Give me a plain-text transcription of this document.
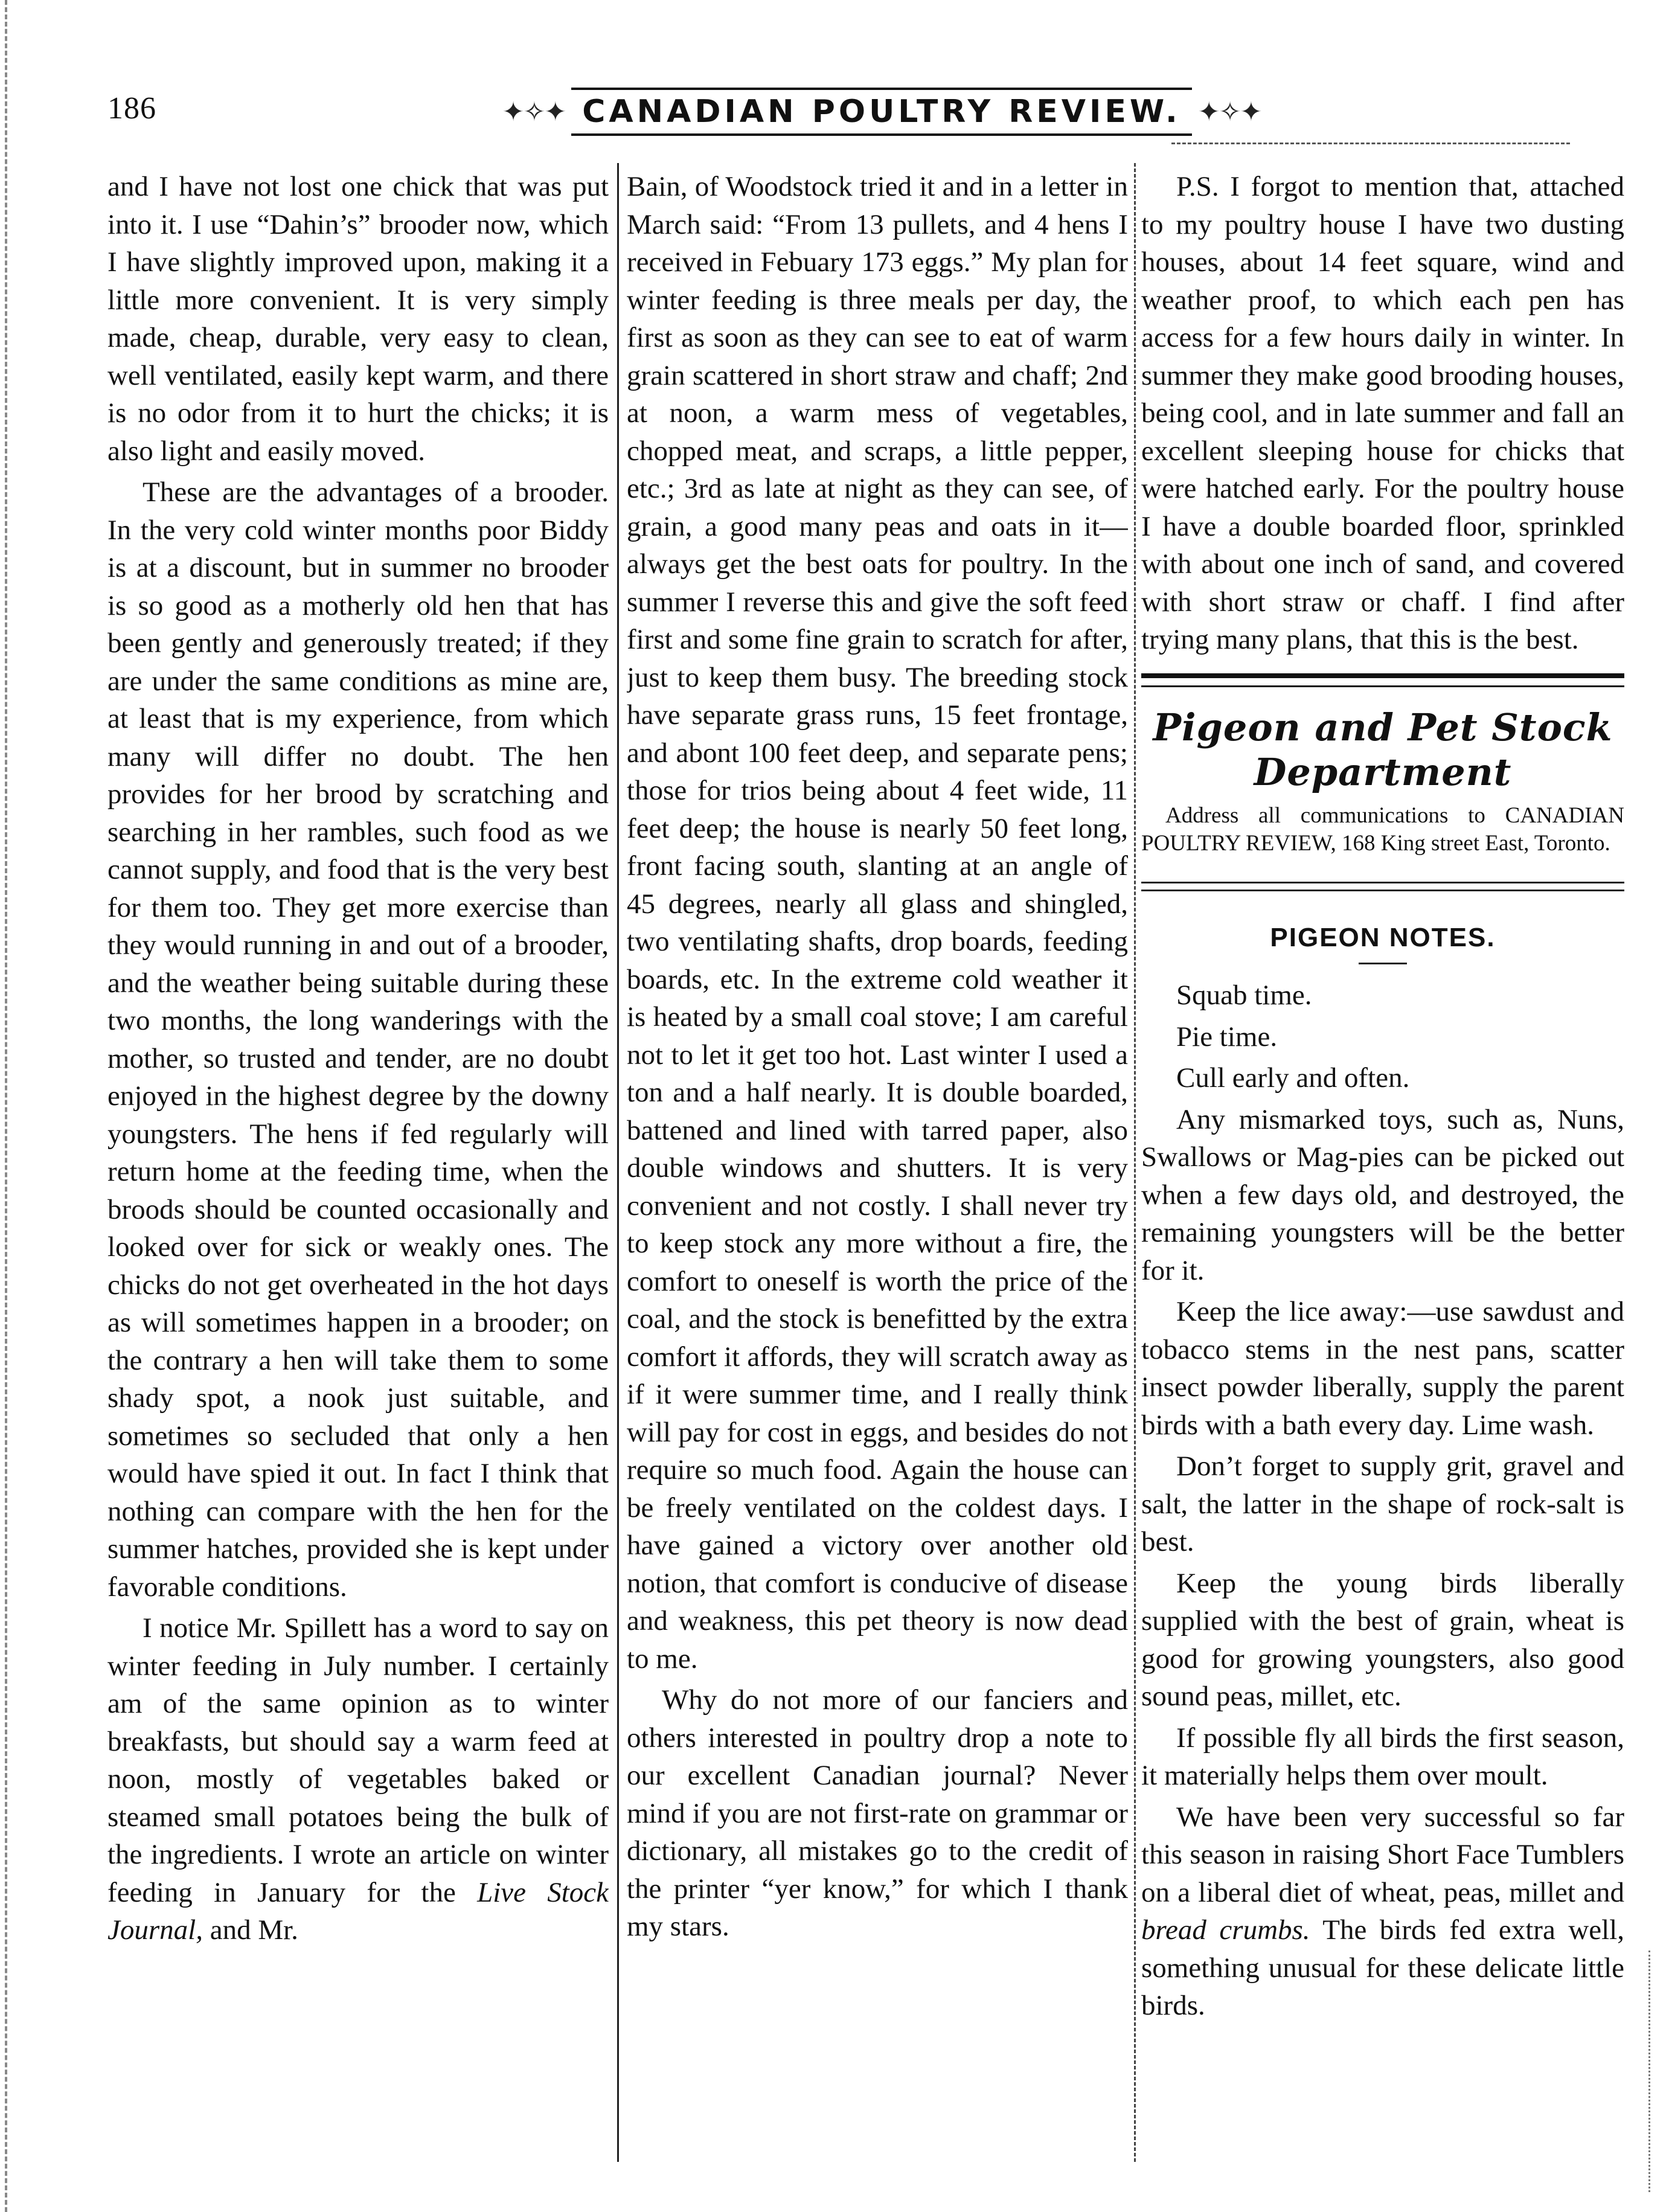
186	✦✧✦ CANADIAN POULTRY REVIEW. ✦✧✦

and I have not lost one chick that was put into it. I use “Dahin’s” brooder now, which I have slightly improved upon, making it a little more convenient. It is very simply made, cheap, durable, very easy to clean, well ventilated, easily kept warm, and there is no odor from it to hurt the chicks; it is also light and easily moved.

These are the advantages of a brooder. In the very cold winter months poor Biddy is at a discount, but in summer no brooder is so good as a motherly old hen that has been gently and generously treated; if they are under the same conditions as mine are, at least that is my experience, from which many will differ no doubt. The hen provides for her brood by scratching and searching in her rambles, such food as we cannot supply, and food that is the very best for them too. They get more exercise than they would running in and out of a brooder, and the weather being suitable during these two months, the long wanderings with the mother, so trusted and tender, are no doubt enjoyed in the highest degree by the downy youngsters. The hens if fed regularly will return home at the feeding time, when the broods should be counted occasionally and looked over for sick or weakly ones. The chicks do not get overheated in the hot days as will sometimes happen in a brooder; on the contrary a hen will take them to some shady spot, a nook just suitable, and sometimes so secluded that only a hen would have spied it out. In fact I think that nothing can compare with the hen for the summer hatches, provided she is kept under favorable conditions.

I notice Mr. Spillett has a word to say on winter feeding in July number. I certainly am of the same opinion as to winter breakfasts, but should say a warm feed at noon, mostly of vegetables baked or steamed small potatoes being the bulk of the ingredients. I wrote an article on winter feeding in January for the Live Stock Journal, and Mr.

Bain, of Woodstock tried it and in a letter in March said: “From 13 pullets, and 4 hens I received in Febuary 173 eggs.” My plan for winter feeding is three meals per day, the first as soon as they can see to eat of warm grain scattered in short straw and chaff; 2nd at noon, a warm mess of vegetables, chopped meat, and scraps, a little pepper, etc.; 3rd as late at night as they can see, of grain, a good many peas and oats in it—always get the best oats for poultry. In the summer I reverse this and give the soft feed first and some fine grain to scratch for after, just to keep them busy. The breeding stock have separate grass runs, 15 feet frontage, and abont 100 feet deep, and separate pens; those for trios being about 4 feet wide, 11 feet deep; the house is nearly 50 feet long, front facing south, slanting at an angle of 45 degrees, nearly all glass and shingled, two ventilating shafts, drop boards, feeding boards, etc. In the extreme cold weather it is heated by a small coal stove; I am careful not to let it get too hot. Last winter I used a ton and a half nearly. It is double boarded, battened and lined with tarred paper, also double windows and shutters. It is very convenient and not costly. I shall never try to keep stock any more without a fire, the comfort to oneself is worth the price of the coal, and the stock is benefitted by the extra comfort it affords, they will scratch away as if it were summer time, and I really think will pay for cost in eggs, and besides do not require so much food. Again the house can be freely ventilated on the coldest days. I have gained a victory over another old notion, that comfort is conducive of disease and weakness, this pet theory is now dead to me.

Why do not more of our fanciers and others interested in poultry drop a note to our excellent Canadian journal? Never mind if you are not first-rate on grammar or dictionary, all mistakes go to the credit of the printer “yer know,” for which I thank my stars.

P.S. I forgot to mention that, attached to my poultry house I have two dusting houses, about 14 feet square, wind and weather proof, to which each pen has access for a few hours daily in winter. In summer they make good brooding houses, being cool, and in late summer and fall an excellent sleeping house for chicks that were hatched early. For the poultry house I have a double boarded floor, sprinkled with about one inch of sand, and covered with short straw or chaff. I find after trying many plans, that this is the best.

Pigeon and Pet Stock Department
Address all communications to CANADIAN POULTRY REVIEW, 168 King street East, Toronto.
PIGEON NOTES.

Squab time.

Pie time.

Cull early and often.

Any mismarked toys, such as, Nuns, Swallows or Mag-pies can be picked out when a few days old, and destroyed, the remaining youngsters will be the better for it.

Keep the lice away:—use sawdust and tobacco stems in the nest pans, scatter insect powder liberally, supply the parent birds with a bath every day. Lime wash.

Don’t forget to supply grit, gravel and salt, the latter in the shape of rock-salt is best.

Keep the young birds liberally supplied with the best of grain, wheat is good for growing youngsters, also good sound peas, millet, etc.

If possible fly all birds the first season, it materially helps them over moult.

We have been very successful so far this season in raising Short Face Tumblers on a liberal diet of wheat, peas, millet and bread crumbs. The birds fed extra well, something unusual for these delicate little birds.
